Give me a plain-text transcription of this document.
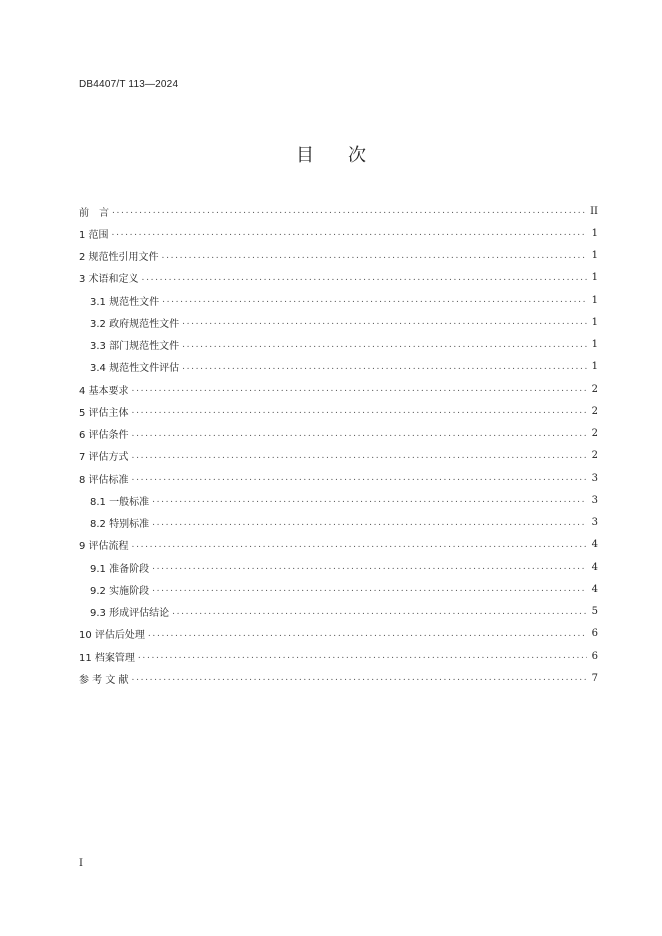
DB4407/T 113—2024
目次
前　言 . . .	II
1 范围 . . .	1
2 规范性引用文件 . . .	1
3 术语和定义 . . .	1
3.1 规范性文件 . . .	1
3.2 政府规范性文件 . . .	1
3.3 部门规范性文件 . . .	1
3.4 规范性文件评估 . . .	1
4 基本要求 . . .	2
5 评估主体 . . .	2
6 评估条件 . . .	2
7 评估方式 . . .	2
8 评估标准 . . .	3
8.1 一般标准 . . .	3
8.2 特别标准 . . .	3
9 评估流程 . . .	4
9.1 准备阶段 . . .	4
9.2 实施阶段 . . .	4
9.3 形成评估结论 . . .	5
10 评估后处理 . . .	6
11 档案管理 . . .	6
参 考 文 献 . . .	7
I
